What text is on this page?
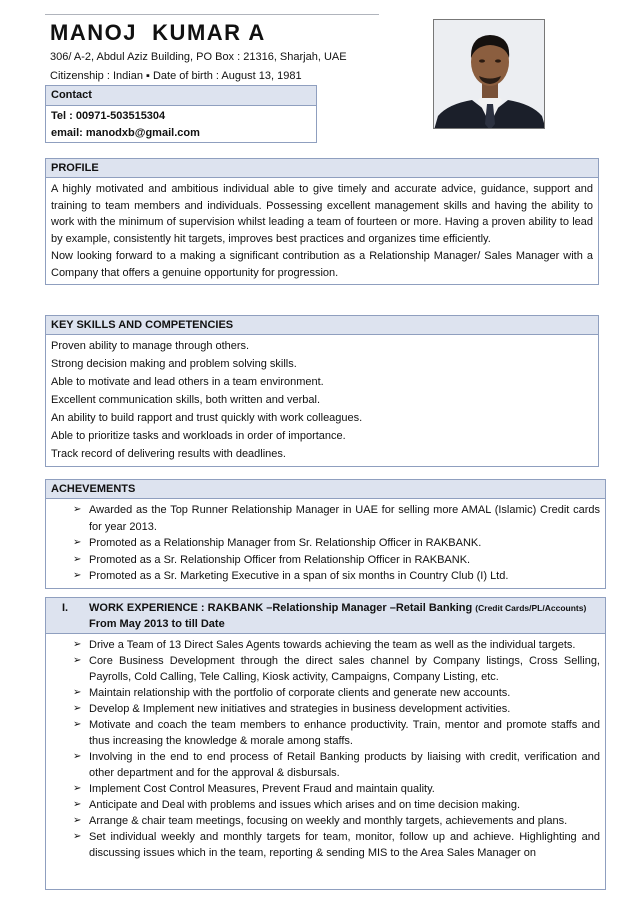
MANOJ  KUMAR A
306/ A-2, Abdul Aziz Building, PO Box : 21316, Sharjah, UAE
Citizenship : Indian ▪ Date of birth : August 13, 1981
Contact
Tel : 00971-503515304
email: manodxb@gmail.com
PROFILE

A highly motivated and ambitious individual able to give timely and accurate advice, guidance, support and training to team members and individuals. Possessing excellent management skills and having the ability to work with the minimum of supervision whilst leading a team of fourteen or more. Having a proven ability to lead by example, consistently hit targets, improves best practices and organizes time efficiently.

Now looking forward to a making a significant contribution as a Relationship Manager/ Sales Manager with a Company that offers a genuine opportunity for progression.

KEY SKILLS AND COMPETENCIES
Proven ability to manage through others.
Strong decision making and problem solving skills.
Able to motivate and lead others in a team environment.
Excellent communication skills, both written and verbal.
An ability to build rapport and trust quickly with work colleagues.
Able to prioritize tasks and workloads in order of importance.
Track record of delivering results with deadlines.
ACHEVEMENTS
➢ Awarded as the Top Runner Relationship Manager in UAE for selling more AMAL (Islamic) Credit cards for year 2013.
➢ Promoted as a Relationship Manager from Sr. Relationship Officer in RAKBANK.
➢ Promoted as a Sr. Relationship Officer from Relationship Officer in RAKBANK.
➢ Promoted as a Sr. Marketing Executive in a span of six months in Country Club (I) Ltd.
I.	WORK EXPERIENCE : RAKBANK –Relationship Manager –Retail Banking (Credit Cards/PL/Accounts)
From May 2013 to till Date
➢ Drive a Team of 13 Direct Sales Agents towards achieving the team as well as the individual targets.
➢ Core Business Development through the direct sales channel by Company listings, Cross Selling, Payrolls, Cold Calling, Tele Calling, Kiosk activity, Campaigns, Company Listing, etc.
➢ Maintain relationship with the portfolio of corporate clients and generate new accounts.
➢ Develop & Implement new initiatives and strategies in business development activities.
➢ Motivate and coach the team members to enhance productivity. Train, mentor and promote staffs and thus increasing the knowledge & morale among staffs.
➢ Involving in the end to end process of Retail Banking products by liaising with credit, verification and other department and for the approval & disbursals.
➢ Implement Cost Control Measures, Prevent Fraud and maintain quality.
➢ Anticipate and Deal with problems and issues which arises and on time decision making.
➢ Arrange & chair team meetings, focusing on weekly and monthly targets, achievements and plans.
➢ Set individual weekly and monthly targets for team, monitor, follow up and achieve. Highlighting and discussing issues which in the team, reporting & sending MIS to the Area Sales Manager on
